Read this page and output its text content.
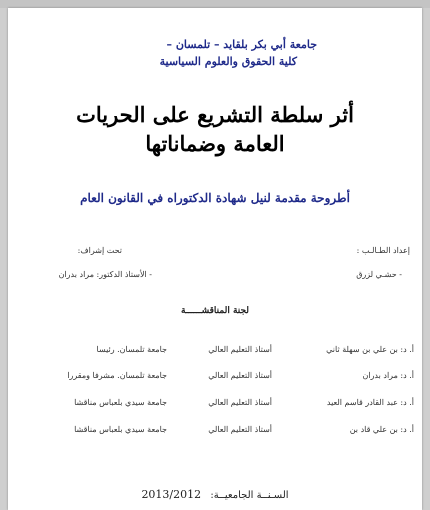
جامعة أبي بكر بلقايد – تلمسان –
كلية الحقوق والعلوم السياسية
أثر سلطة التشريع على الحريات العامة وضماناتها
أطروحة مقدمة لنيل شهادة الدكتوراه في القانون العام
إعداد الطـالـب :
تحت إشراف:
- حشـي لزرق
- الأستاذ الدكتور: مراد بدران
لجنة المناقشــــــة
أ. د: بن علي بن سهلة ثاني
أستاذ التعليم العالي
جامعة تلمسان. رئيسا
أ. د: مراد بدران
أستاذ التعليم العالي
جامعة تلمسان. مشرفا ومقررا
أ. د: عبد القادر قاسم العيد
أستاذ التعليم العالي
جامعة سيدي بلعباس مناقشا
أ. د: بن علي قاد بن
أستاذ التعليم العالي
جامعة سيدي بلعباس مناقشا
السـنــة الجامعيــة: 2013/2012
